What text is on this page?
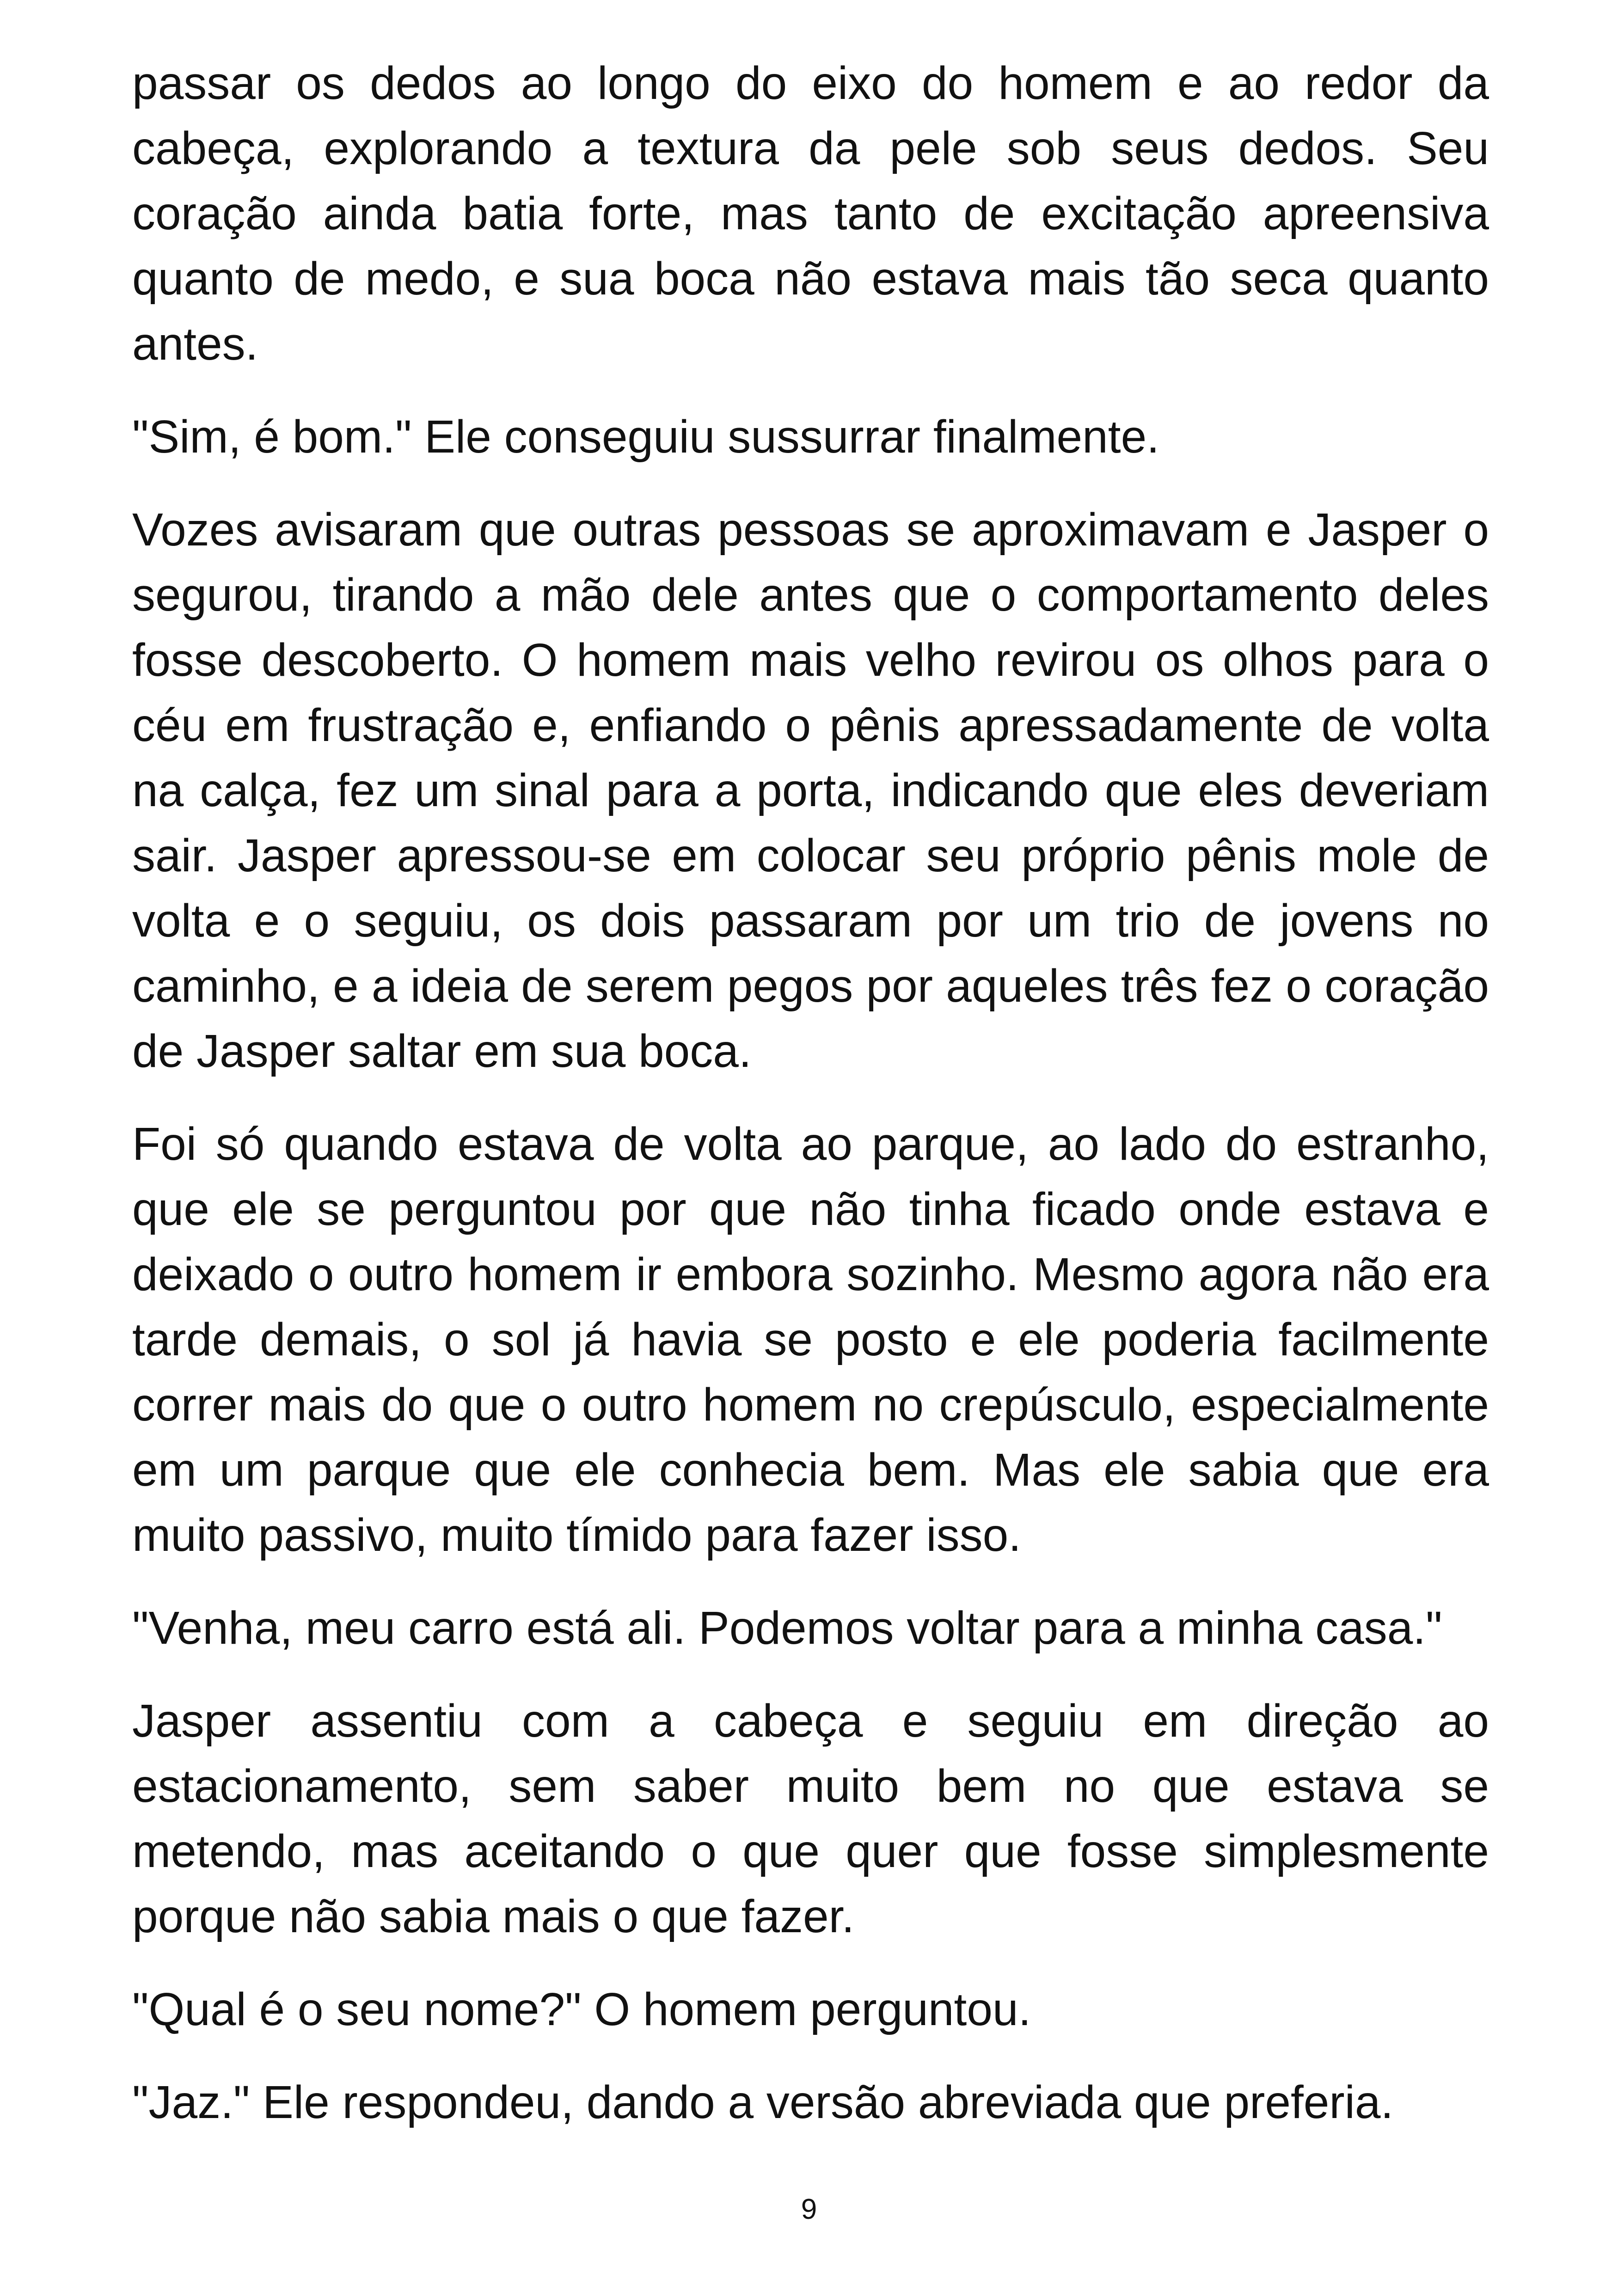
passar os dedos ao longo do eixo do homem e ao redor da cabeça, explorando a textura da pele sob seus dedos. Seu coração ainda batia forte, mas tanto de excitação apreensiva quanto de medo, e sua boca não estava mais tão seca quanto antes.

"Sim, é bom." Ele conseguiu sussurrar finalmente.

Vozes avisaram que outras pessoas se aproximavam e Jasper o segurou, tirando a mão dele antes que o comportamento deles fosse descoberto. O homem mais velho revirou os olhos para o céu em frustração e, enfiando o pênis apressadamente de volta na calça, fez um sinal para a porta, indicando que eles deveriam sair. Jasper apressou-se em colocar seu próprio pênis mole de volta e o seguiu, os dois passaram por um trio de jovens no caminho, e a ideia de serem pegos por aqueles três fez o coração de Jasper saltar em sua boca.

Foi só quando estava de volta ao parque, ao lado do estranho, que ele se perguntou por que não tinha ficado onde estava e deixado o outro homem ir embora sozinho. Mesmo agora não era tarde demais, o sol já havia se posto e ele poderia facilmente correr mais do que o outro homem no crepúsculo, especialmente em um parque que ele conhecia bem. Mas ele sabia que era muito passivo, muito tímido para fazer isso.

"Venha, meu carro está ali. Podemos voltar para a minha casa."

Jasper assentiu com a cabeça e seguiu em direção ao estacionamento, sem saber muito bem no que estava se metendo, mas aceitando o que quer que fosse simplesmente porque não sabia mais o que fazer.

"Qual é o seu nome?" O homem perguntou.

"Jaz." Ele respondeu, dando a versão abreviada que preferia.

9
